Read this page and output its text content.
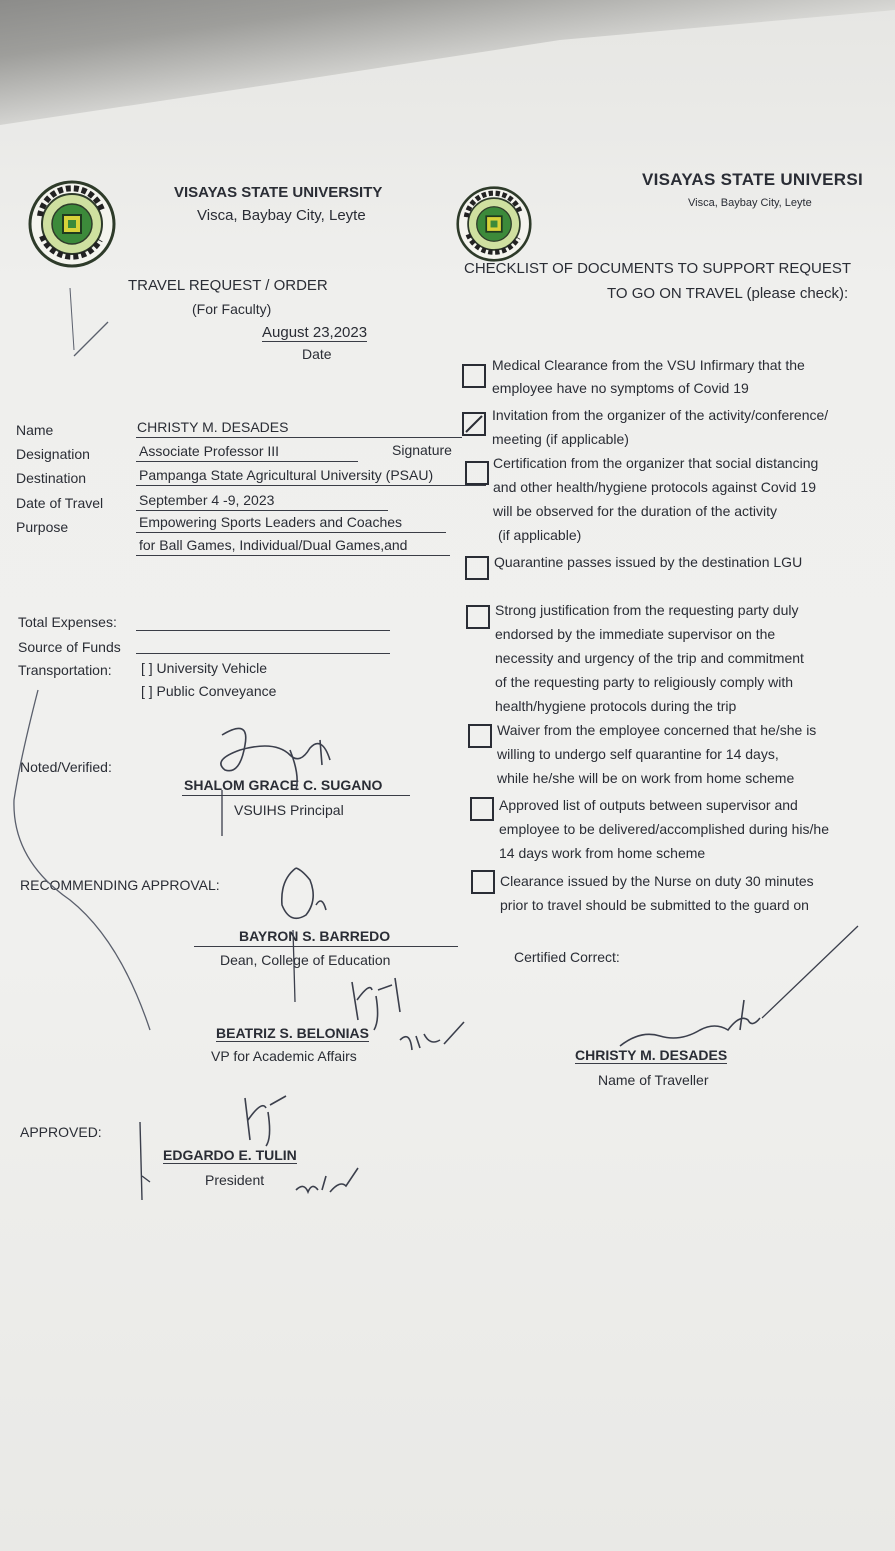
VISAYAS STATE UNIVERSITY
Visca, Baybay City, Leyte
TRAVEL REQUEST / ORDER
(For Faculty)
August 23,2023
Date
VISAYAS STATE UNIVERSI
Visca, Baybay City, Leyte
CHECKLIST OF DOCUMENTS TO SUPPORT REQUEST
TO GO ON TRAVEL (please check):
Name	CHRISTY M. DESADES
Designation	Associate Professor III	Signature
Destination	Pampanga State Agricultural University (PSAU)
Date of Travel	September 4 -9, 2023
Purpose	Empowering Sports Leaders and Coaches
for Ball Games, Individual/Dual Games,and
Total Expenses:
Source of Funds
Transportation: [ ] University Vehicle
[ ] Public Conveyance
Noted/Verified:
SHALOM GRACE C. SUGANO
VSUIHS Principal
RECOMMENDING APPROVAL:
BAYRON S. BARREDO
Dean, College of Education
BEATRIZ S. BELONIAS
VP for Academic Affairs
APPROVED:
EDGARDO E. TULIN
President
Medical Clearance from the VSU Infirmary that the
employee have no symptoms of Covid 19
Invitation from the organizer of the activity/conference/
meeting (if applicable)
Certification from the organizer that social distancing
and other health/hygiene protocols against Covid 19
will be observed for the duration of the activity
(if applicable)
Quarantine passes issued by the destination LGU
Strong justification from the requesting party duly
endorsed by the immediate supervisor on the
necessity and urgency of the trip and commitment
of the requesting party to religiously comply with
health/hygiene protocols during the trip
Waiver from the employee concerned that he/she is
willing to undergo self quarantine for 14 days,
while he/she will be on work from home scheme
Approved list of outputs between supervisor and
employee to be delivered/accomplished during his/he
14 days work from home scheme
Clearance issued by the Nurse on duty 30 minutes
prior to travel should be submitted to the guard on
Certified Correct:
CHRISTY M. DESADES
Name of Traveller
